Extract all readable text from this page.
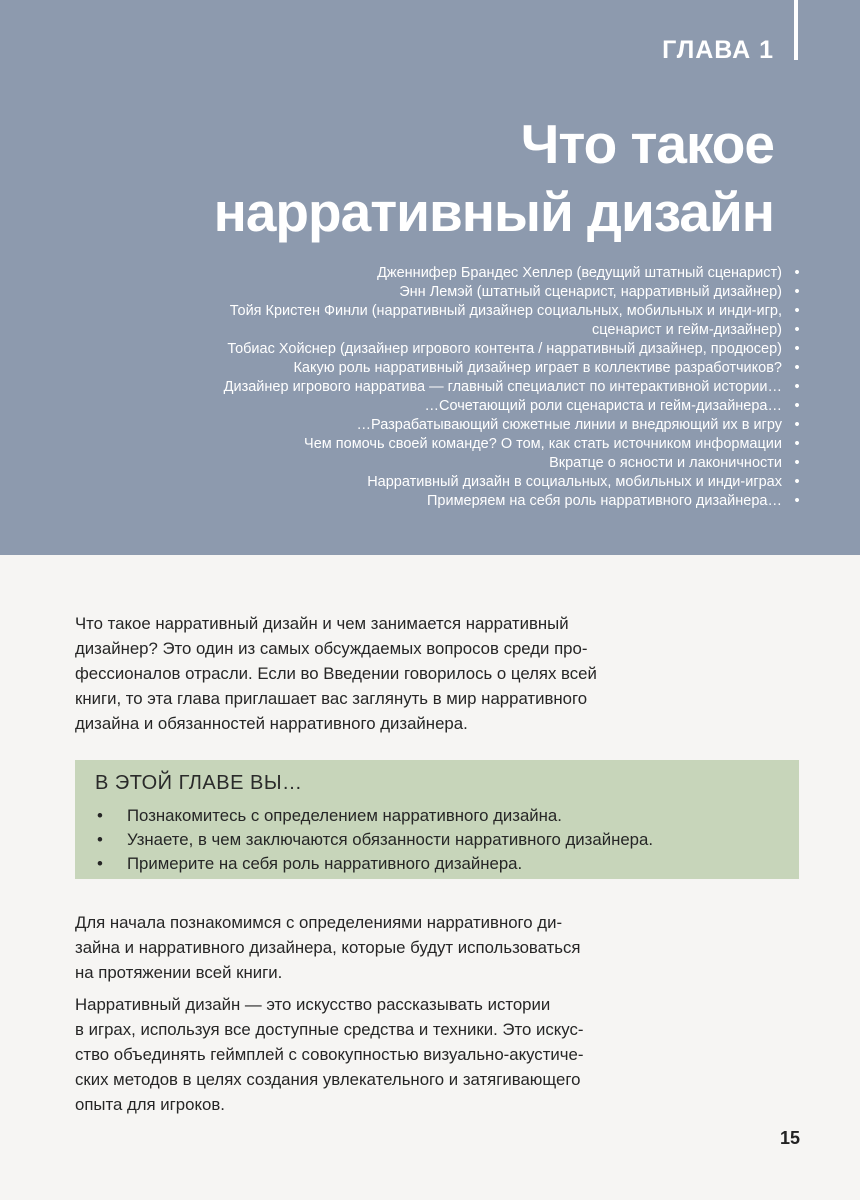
ГЛАВА 1
Что такое
нарративный дизайн
Дженнифер Брандес Хеплер (ведущий штатный сценарист) •
Энн Лемэй (штатный сценарист, нарративный дизайнер) •
Тойя Кристен Финли (нарративный дизайнер социальных, мобильных и инди-игр, •
сценарист и гейм-дизайнер) •
Тобиас Хойснер (дизайнер игрового контента / нарративный дизайнер, продюсер) •
Какую роль нарративный дизайнер играет в коллективе разработчиков? •
Дизайнер игрового нарратива — главный специалист по интерактивной истории… •
…Сочетающий роли сценариста и гейм-дизайнера… •
…Разрабатывающий сюжетные линии и внедряющий их в игру •
Чем помочь своей команде? О том, как стать источником информации •
Вкратце о ясности и лаконичности •
Нарративный дизайн в социальных, мобильных и инди-играх •
Примеряем на себя роль нарративного дизайнера… •
Что такое нарративный дизайн и чем занимается нарративный
дизайнер? Это один из самых обсуждаемых вопросов среди про-
фессионалов отрасли. Если во Введении говорилось о целях всей
книги, то эта глава приглашает вас заглянуть в мир нарративного
дизайна и обязанностей нарративного дизайнера.
В ЭТОЙ ГЛАВЕ ВЫ…
• Познакомитесь с определением нарративного дизайна.
• Узнаете, в чем заключаются обязанности нарративного дизайнера.
• Примерите на себя роль нарративного дизайнера.
Для начала познакомимся с определениями нарративного ди-
зайна и нарративного дизайнера, которые будут использоваться
на протяжении всей книги.
Нарративный дизайн — это искусство рассказывать истории
в играх, используя все доступные средства и техники. Это искус-
ство объединять геймплей с совокупностью визуально-акустиче-
ских методов в целях создания увлекательного и затягивающего
опыта для игроков.
15
